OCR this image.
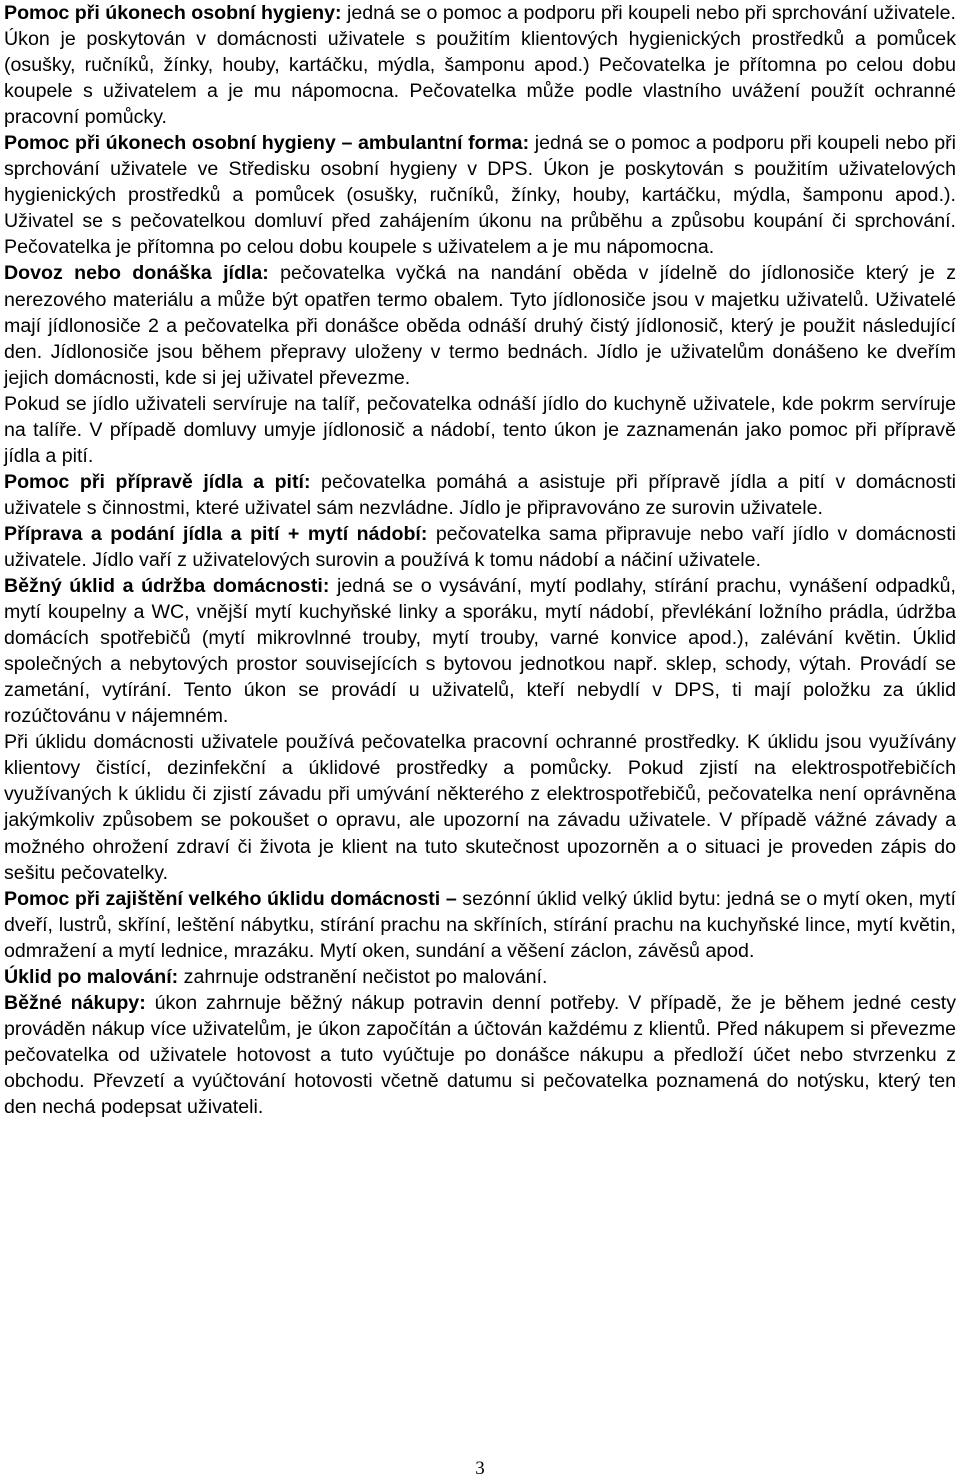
Pomoc při úkonech osobní hygieny: jedná se o pomoc a podporu při koupeli nebo při sprchování uživatele. Úkon je poskytován v domácnosti uživatele s použitím klientových hygienických prostředků a pomůcek (osušky, ručníků, žínky, houby, kartáčku, mýdla, šamponu apod.) Pečovatelka je přítomna po celou dobu koupele s uživatelem a je mu nápomocna. Pečovatelka může podle vlastního uvážení použít ochranné pracovní pomůcky.

Pomoc při úkonech osobní hygieny – ambulantní forma: jedná se o pomoc a podporu při koupeli nebo při sprchování uživatele ve Středisku osobní hygieny v DPS. Úkon je poskytován s použitím uživatelových hygienických prostředků a pomůcek (osušky, ručníků, žínky, houby, kartáčku, mýdla, šamponu apod.). Uživatel se s pečovatelkou domluví před zahájením úkonu na průběhu a způsobu koupání či sprchování. Pečovatelka je přítomna po celou dobu koupele s uživatelem a je mu nápomocna.

Dovoz nebo donáška jídla: pečovatelka vyčká na nandání oběda v jídelně do jídlonosiče který je z nerezového materiálu a může být opatřen termo obalem. Tyto jídlonosiče jsou v majetku uživatelů. Uživatelé mají jídlonosiče 2 a pečovatelka při donášce oběda odnáší druhý čistý jídlonosič, který je použit následující den. Jídlonosiče jsou během přepravy uloženy v termo bednách. Jídlo je uživatelům donášeno ke dveřím jejich domácnosti, kde si jej uživatel převezme.

Pokud se jídlo uživateli servíruje na talíř, pečovatelka odnáší jídlo do kuchyně uživatele, kde pokrm servíruje na talíře. V případě domluvy umyje jídlonosič a nádobí, tento úkon je zaznamenán jako pomoc při přípravě jídla a pití.

Pomoc při přípravě jídla a pití: pečovatelka pomáhá a asistuje při přípravě jídla a pití v domácnosti uživatele s činnostmi, které uživatel sám nezvládne. Jídlo je připravováno ze surovin uživatele.

Příprava a podání jídla a pití + mytí nádobí: pečovatelka sama připravuje nebo vaří jídlo v domácnosti uživatele. Jídlo vaří z uživatelových surovin a používá k tomu nádobí a náčiní uživatele.

Běžný úklid a údržba domácnosti: jedná se o vysávání, mytí podlahy, stírání prachu, vynášení odpadků, mytí koupelny a WC, vnější mytí kuchyňské linky a sporáku, mytí nádobí, převlékání ložního prádla, údržba domácích spotřebičů (mytí mikrovlnné trouby, mytí trouby, varné konvice apod.), zalévání květin. Úklid společných a nebytových prostor souvisejících s bytovou jednotkou např. sklep, schody, výtah. Provádí se zametání, vytírání. Tento úkon se provádí u uživatelů, kteří nebydlí v DPS, ti mají položku za úklid rozúčtovánu v nájemném.

Při úklidu domácnosti uživatele používá pečovatelka pracovní ochranné prostředky. K úklidu jsou využívány klientovy čistící, dezinfekční a úklidové prostředky a pomůcky. Pokud zjistí na elektrospotřebičích využívaných k úklidu či zjistí závadu při umývání některého z elektrospotřebičů, pečovatelka není oprávněna jakýmkoliv způsobem se pokoušet o opravu, ale upozorní na závadu uživatele. V případě vážné závady a možného ohrožení zdraví či života je klient na tuto skutečnost upozorněn a o situaci je proveden zápis do sešitu pečovatelky.

Pomoc při zajištění velkého úklidu domácnosti – sezónní úklid velký úklid bytu: jedná se o mytí oken, mytí dveří, lustrů, skříní, leštění nábytku, stírání prachu na skříních, stírání prachu na kuchyňské lince, mytí květin, odmražení a mytí lednice, mrazáku. Mytí oken, sundání a věšení záclon, závěsů apod.

Úklid po malování: zahrnuje odstranění nečistot po malování.

Běžné nákupy: úkon zahrnuje běžný nákup potravin denní potřeby. V případě, že je během jedné cesty prováděn nákup více uživatelům, je úkon započítán a účtován každému z klientů. Před nákupem si převezme pečovatelka od uživatele hotovost a tuto vyúčtuje po donášce nákupu a předloží účet nebo stvrzenku z obchodu. Převzetí a vyúčtování hotovosti včetně datumu si pečovatelka poznamená do notýsku, který ten den nechá podepsat uživateli.

3
